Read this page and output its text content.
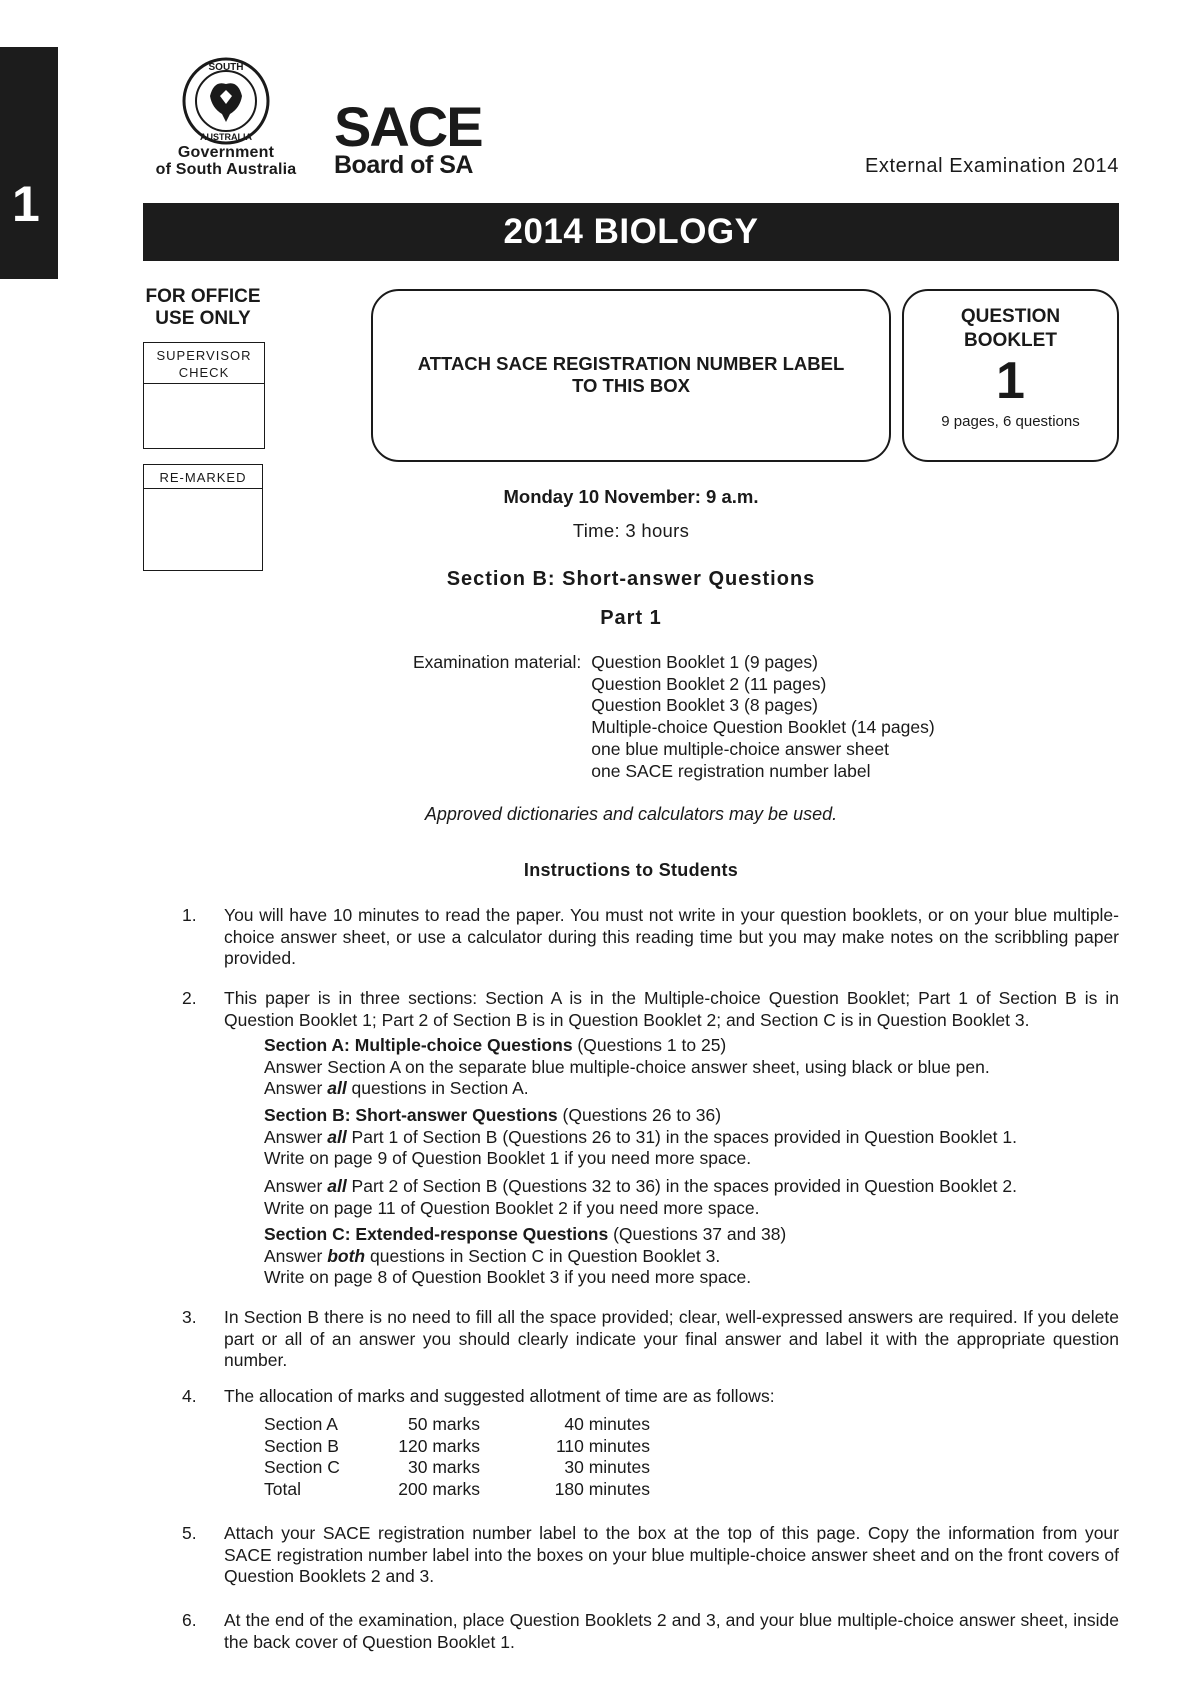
1
SOUTH
AUSTRALIA
Government
of South Australia
SACE
Board of SA	External Examination 2014
2014 BIOLOGY
FOR OFFICE
USE ONLY
SUPERVISOR
CHECK
RE-MARKED
ATTACH SACE REGISTRATION NUMBER LABEL
TO THIS BOX
QUESTION
BOOKLET
1
9 pages, 6 questions
Monday 10 November: 9 a.m.
Time: 3 hours
Section B: Short-answer Questions
Part 1
Examination material: Question Booklet 1 (9 pages)
Question Booklet 2 (11 pages)
Question Booklet 3 (8 pages)
Multiple-choice Question Booklet (14 pages)
one blue multiple-choice answer sheet
one SACE registration number label
Approved dictionaries and calculators may be used.
Instructions to Students
1. You will have 10 minutes to read the paper. You must not write in your question booklets, or on your blue multiple-choice answer sheet, or use a calculator during this reading time but you may make notes on the scribbling paper provided.
2. This paper is in three sections: Section A is in the Multiple-choice Question Booklet; Part 1 of Section B is in Question Booklet 1; Part 2 of Section B is in Question Booklet 2; and Section C is in Question Booklet 3.
Section A: Multiple-choice Questions (Questions 1 to 25)
Answer Section A on the separate blue multiple-choice answer sheet, using black or blue pen.
Answer all questions in Section A.
Section B: Short-answer Questions (Questions 26 to 36)
Answer all Part 1 of Section B (Questions 26 to 31) in the spaces provided in Question Booklet 1.
Write on page 9 of Question Booklet 1 if you need more space.
Answer all Part 2 of Section B (Questions 32 to 36) in the spaces provided in Question Booklet 2.
Write on page 11 of Question Booklet 2 if you need more space.
Section C: Extended-response Questions (Questions 37 and 38)
Answer both questions in Section C in Question Booklet 3.
Write on page 8 of Question Booklet 3 if you need more space.
3. In Section B there is no need to fill all the space provided; clear, well-expressed answers are required. If you delete part or all of an answer you should clearly indicate your final answer and label it with the appropriate question number.
4. The allocation of marks and suggested allotment of time are as follows:
Section A	50 marks	40 minutes
Section B	120 marks	110 minutes
Section C	30 marks	30 minutes
Total	200 marks	180 minutes
5. Attach your SACE registration number label to the box at the top of this page. Copy the information from your SACE registration number label into the boxes on your blue multiple-choice answer sheet and on the front covers of Question Booklets 2 and 3.
6. At the end of the examination, place Question Booklets 2 and 3, and your blue multiple-choice answer sheet, inside the back cover of Question Booklet 1.
